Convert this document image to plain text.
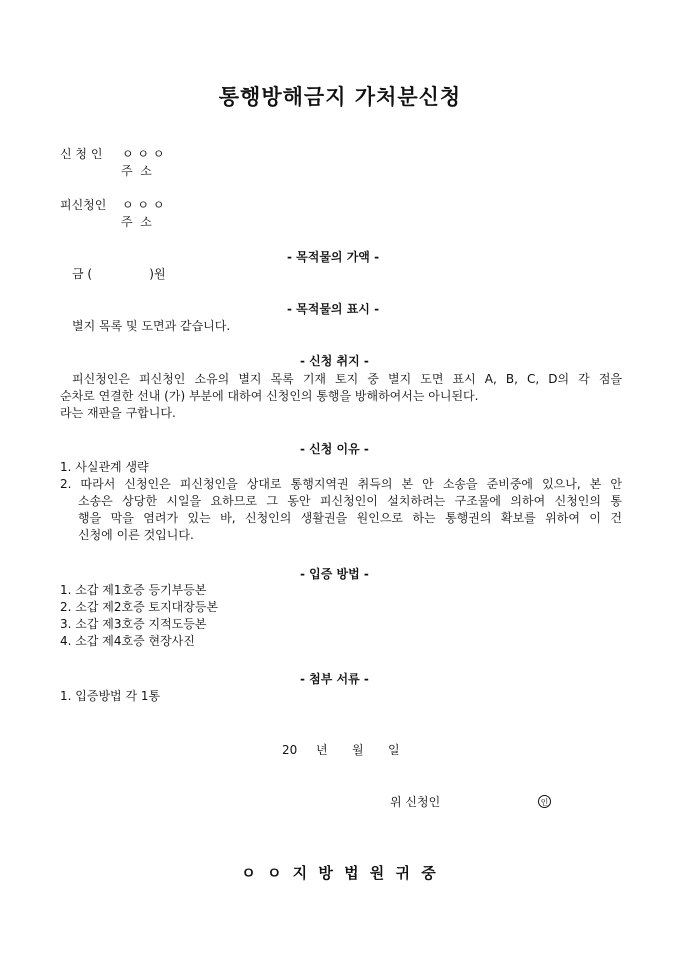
통행방해금지 가처분신청
신 청 인 ㅇ ㅇ ㅇ
주  소
피신청인 ㅇ ㅇ ㅇ
주  소
- 목적물의 가액 -
금 (               )원
- 목적물의 표시 -
별지 목록 및 도면과 같습니다.
- 신청 취지 -
피신청인은 피신청인 소유의 별지 목록 기재 토지 중 별지 도면 표시 A, B, C, D의 각 점을
순차로 연결한 선내 (가) 부분에 대하여 신청인의 통행을 방해하여서는 아니된다.
라는 재판을 구합니다.
- 신청 이유 -
1. 사실관계 생략
2. 따라서 신청인은 피신청인을 상대로 통행지역권 취득의 본 안 소송을 준비중에 있으나, 본 안
소송은 상당한 시일을 요하므로 그 동안 피신청인이 설치하려는 구조물에 의하여 신청인의 통
행을 막을 염려가 있는 바, 신청인의 생활권을 원인으로 하는 통행권의 확보를 위하여 이 건
신청에 이른 것입니다.
- 입증 방법 -
1. 소갑 제1호증 등기부등본
2. 소갑 제2호증 토지대장등본
3. 소갑 제3호증 지적도등본
4. 소갑 제4호증 현장사진
- 첨부 서류 -
1. 입증방법 각 1통
20 년 월 일
위 신청인	인
ㅇ ㅇ 지 방 법 원 귀 중
